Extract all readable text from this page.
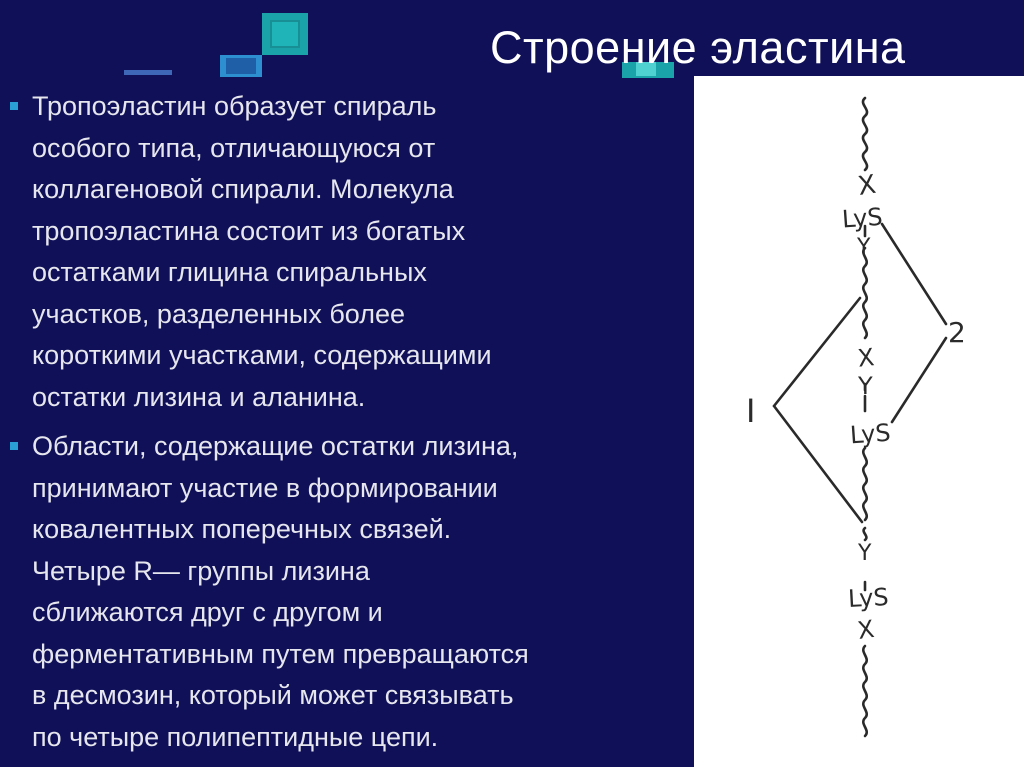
Строение эластина
Тропоэластин образует спираль
особого типа, отличающуюся от
коллагеновой спирали. Молекула
тропоэластина состоит из богатых
остатками глицина спиральных
участков, разделенных более
короткими участками, содержащими
остатки лизина и аланина.
Области, содержащие остатки лизина,
принимают участие в формировании
ковалентных поперечных связей.
Четыре R— группы лизина
сближаются друг с другом и
ферментативным путем превращаются
в десмозин, который может связывать
по четыре полипептидные цепи.
X
LyS
Y
X
Y
LyS
Y
LyS
X
I
2
